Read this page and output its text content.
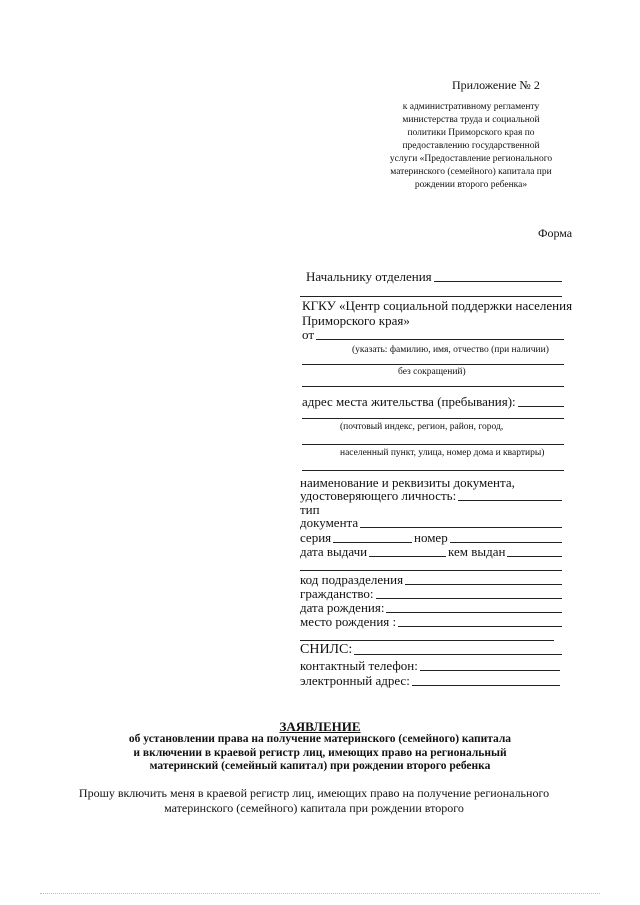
Приложение № 2
к административному регламенту
министерства труда и социальной
политики Приморского края по
предоставлению государственной
услуги «Предоставление регионального
материнского (семейного) капитала при
рождении второго ребенка»
Форма
Начальнику отделения
КГКУ «Центр социальной поддержки населения
Приморского края»
от
(указать: фамилию, имя, отчество (при наличии)
без сокращений)
адрес места жительства (пребывания):
(почтовый индекс, регион, район, город,
населенный пункт, улица, номер дома и квартиры)
наименование и реквизиты документа,
удостоверяющего личность:
тип
документа
серия	номер
дата выдачи	кем выдан
код подразделения
гражданство:
дата рождения:
место рождения :
СНИЛС:
контактный телефон:
электронный адрес:
ЗАЯВЛЕНИЕ
об установлении права на получение материнского (семейного) капитала
и включении в краевой регистр лиц, имеющих право на региональный
материнский (семейный капитал) при рождении второго ребенка
Прошу включить меня в краевой регистр лиц, имеющих право на получение регионального
материнского (семейного) капитала при рождении второго
